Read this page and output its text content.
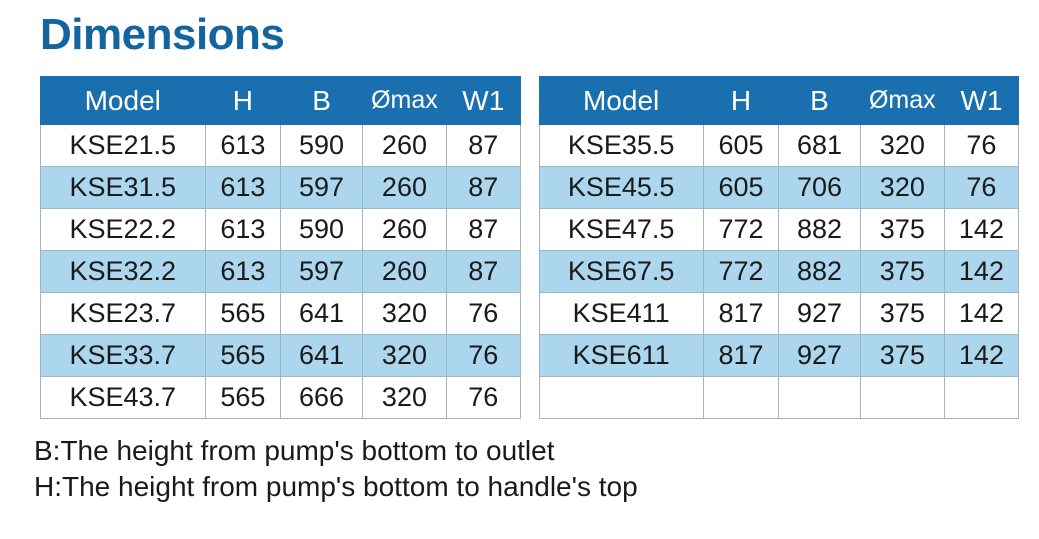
Dimensions
Model	H	B	Ømax	W1
KSE21.5	613	590	260	87
KSE31.5	613	597	260	87
KSE22.2	613	590	260	87
KSE32.2	613	597	260	87
KSE23.7	565	641	320	76
KSE33.7	565	641	320	76
KSE43.7	565	666	320	76
Model	H	B	Ømax	W1
KSE35.5	605	681	320	76
KSE45.5	605	706	320	76
KSE47.5	772	882	375	142
KSE67.5	772	882	375	142
KSE411	817	927	375	142
KSE611	817	927	375	142

B:The height from pump's bottom to outlet
H:The height from pump's bottom to handle's top
